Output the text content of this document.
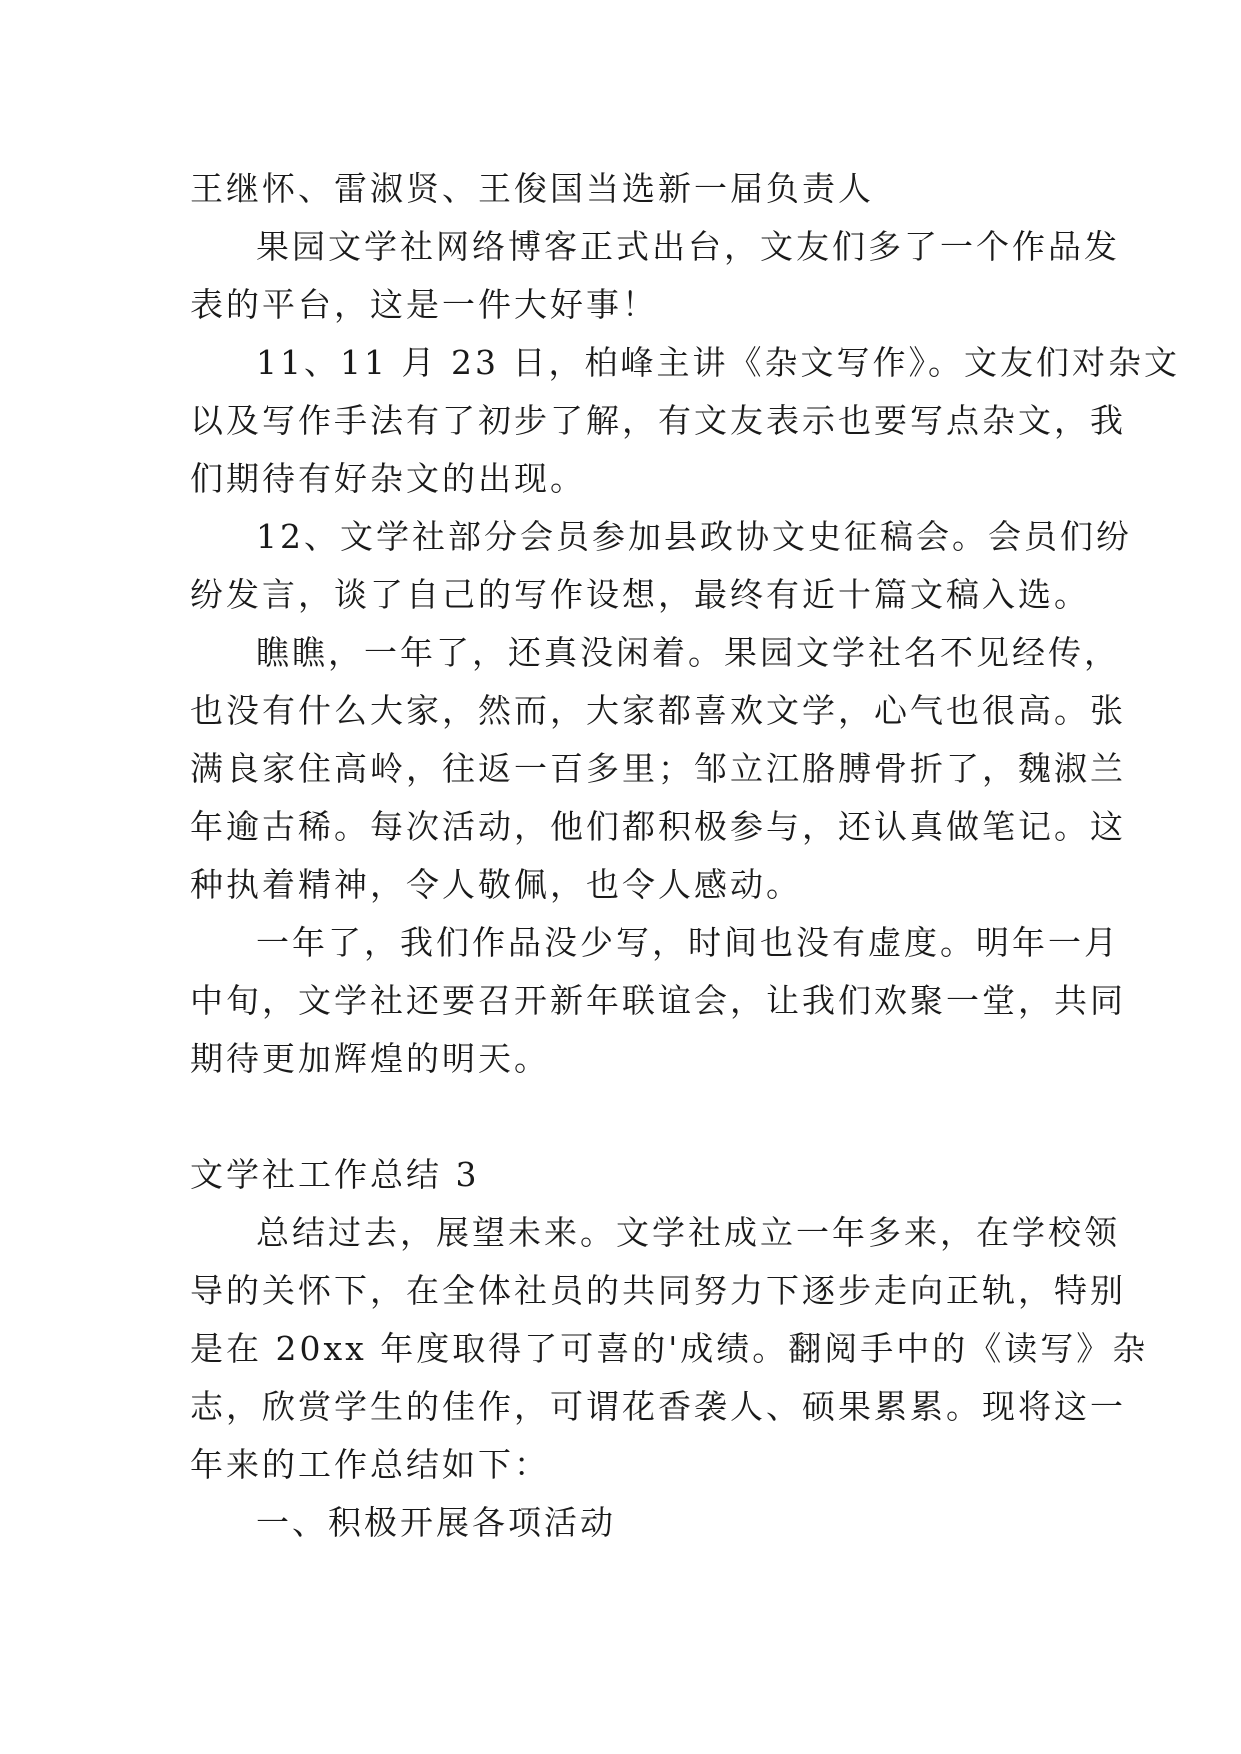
王继怀、雷淑贤、王俊国当选新一届负责人

果园文学社网络博客正式出台，文友们多了一个作品发

表的平台，这是一件大好事！

11、11 月 23 日，柏峰主讲《杂文写作》。文友们对杂文

以及写作手法有了初步了解，有文友表示也要写点杂文，我

们期待有好杂文的出现。

12、文学社部分会员参加县政协文史征稿会。会员们纷

纷发言，谈了自己的写作设想，最终有近十篇文稿入选。

瞧瞧，一年了，还真没闲着。果园文学社名不见经传，

也没有什么大家，然而，大家都喜欢文学，心气也很高。张

满良家住高岭，往返一百多里；邹立江胳膊骨折了，魏淑兰

年逾古稀。每次活动，他们都积极参与，还认真做笔记。这

种执着精神，令人敬佩，也令人感动。

一年了，我们作品没少写，时间也没有虚度。明年一月

中旬，文学社还要召开新年联谊会，让我们欢聚一堂，共同

期待更加辉煌的明天。

文学社工作总结 3

总结过去，展望未来。文学社成立一年多来，在学校领

导的关怀下，在全体社员的共同努力下逐步走向正轨，特别

是在 20xx 年度取得了可喜的'成绩。翻阅手中的《读写》杂

志，欣赏学生的佳作，可谓花香袭人、硕果累累。现将这一

年来的工作总结如下：

一、积极开展各项活动
